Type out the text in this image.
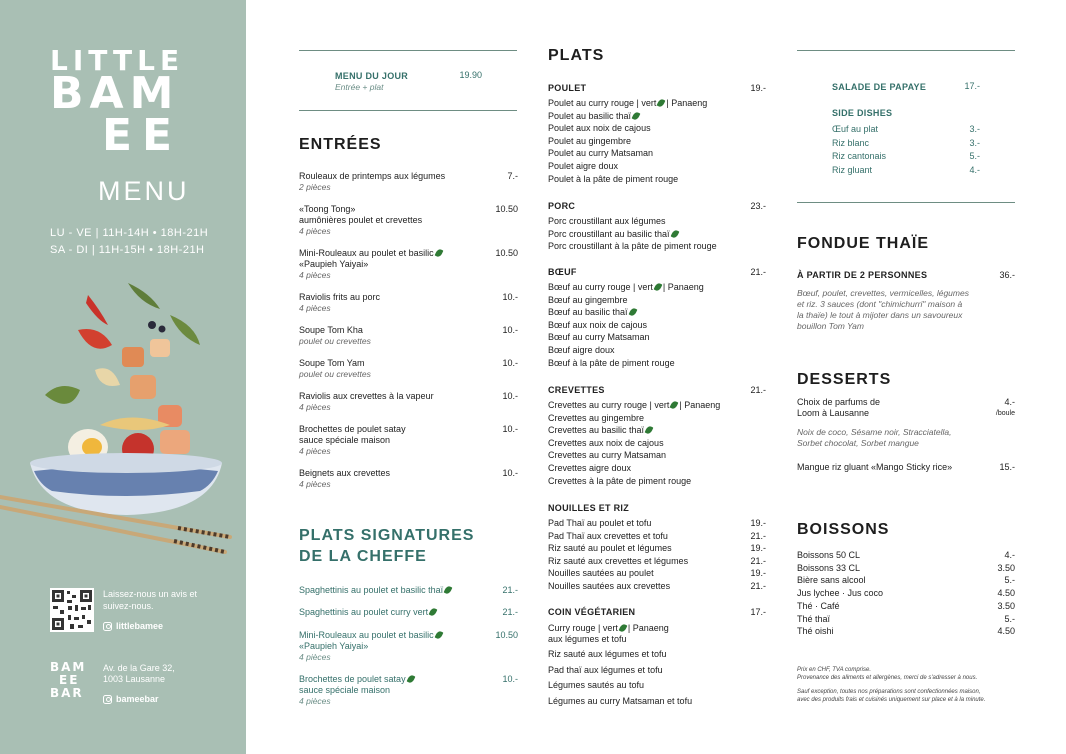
LITTLE
BAM
EE
MENU
LU - VE | 11H-14H • 18H-21H
SA - DI | 11H-15H • 18H-21H
Laissez-nous un avis et suivez-nous.
littlebamee
BAM
EE
BAR
Av. de la Gare 32,
1003 Lausanne
bameebar
MENU DU JOUR	19.90
Entrée + plat
ENTRÉES
Rouleaux de printemps aux légumes
2 pièces
7.-
«Toong Tong»
aumônières poulet et crevettes
4 pièces
10.50
Mini-Rouleaux au poulet et basilic
«Paupieh Yaiyai»
4 pièces
10.50
Raviolis frits au porc
4 pièces
10.-
Soupe Tom Kha
poulet ou crevettes
10.-
Soupe Tom Yam
poulet ou crevettes
10.-
Raviolis aux crevettes à la vapeur
4 pièces
10.-
Brochettes de poulet satay
sauce spéciale maison
4 pièces
10.-
Beignets aux crevettes
4 pièces
10.-
PLATS SIGNATURES
DE LA CHEFFE
Spaghettinis au poulet et basilic thaï	21.-
Spaghettinis au poulet curry vert	21.-
Mini-Rouleaux au poulet et basilic
«Paupieh Yaiyai»
4 pièces
10.50
Brochettes de poulet satay
sauce spéciale maison
4 pièces
10.-
PLATS
POULET	19.-
Poulet au curry rouge | vert | Panaeng
Poulet au basilic thaï
Poulet aux noix de cajous
Poulet au gingembre
Poulet au curry Matsaman
Poulet aigre doux
Poulet à la pâte de piment rouge
PORC	23.-
Porc croustillant aux légumes
Porc croustillant au basilic thaï
Porc croustillant à la pâte de piment rouge
BŒUF	21.-
Bœuf au curry rouge | vert | Panaeng
Bœuf au gingembre
Bœuf au basilic thaï
Bœuf aux noix de cajous
Bœuf au curry Matsaman
Bœuf aigre doux
Bœuf à la pâte de piment rouge
CREVETTES	21.-
Crevettes au curry rouge | vert | Panaeng
Crevettes au gingembre
Crevettes au basilic thaï
Crevettes aux noix de cajous
Crevettes au curry Matsaman
Crevettes aigre doux
Crevettes à la pâte de piment rouge
NOUILLES ET RIZ
Pad Thaï au poulet et tofu	19.-
Pad Thaï aux crevettes et tofu	21.-
Riz sauté au poulet et légumes	19.-
Riz sauté aux crevettes et légumes	21.-
Nouilles sautées au poulet	19.-
Nouilles sautées aux crevettes	21.-
COIN VÉGÉTARIEN	17.-
Curry rouge | vert | Panaeng
aux légumes et tofu
Riz sauté aux légumes et tofu
Pad thaï aux légumes et tofu
Légumes sautés au tofu
Légumes au curry Matsaman et tofu
SALADE DE PAPAYE	17.-
SIDE DISHES
Œuf au plat	3.-
Riz blanc	3.-
Riz cantonais	5.-
Riz gluant	4.-
FONDUE THAÏE
À PARTIR DE 2 PERSONNES	36.-
Bœuf, poulet, crevettes, vermicelles, légumes
et riz. 3 sauces (dont "chimichurri" maison à
la thaïe) le tout à mijoter dans un savoureux
bouillon Tom Yam
DESSERTS
Choix de parfums de
Loom à Lausanne
4.-
/boule
Noix de coco, Sésame noir, Stracciatella,
Sorbet chocolat, Sorbet mangue
Mangue riz gluant «Mango Sticky rice»	15.-
BOISSONS
Boissons 50 CL	4.-
Boissons 33 CL	3.50
Bière sans alcool	5.-
Jus lychee · Jus coco	4.50
Thé · Café	3.50
Thé thaï	5.-
Thé oishi	4.50
Prix en CHF, TVA comprise.
Provenance des aliments et allergènes, merci de s'adresser à nous.
Sauf exception, toutes nos préparations sont confectionnées maison,
avec des produits frais et cuisinés uniquement sur place et à la minute.
